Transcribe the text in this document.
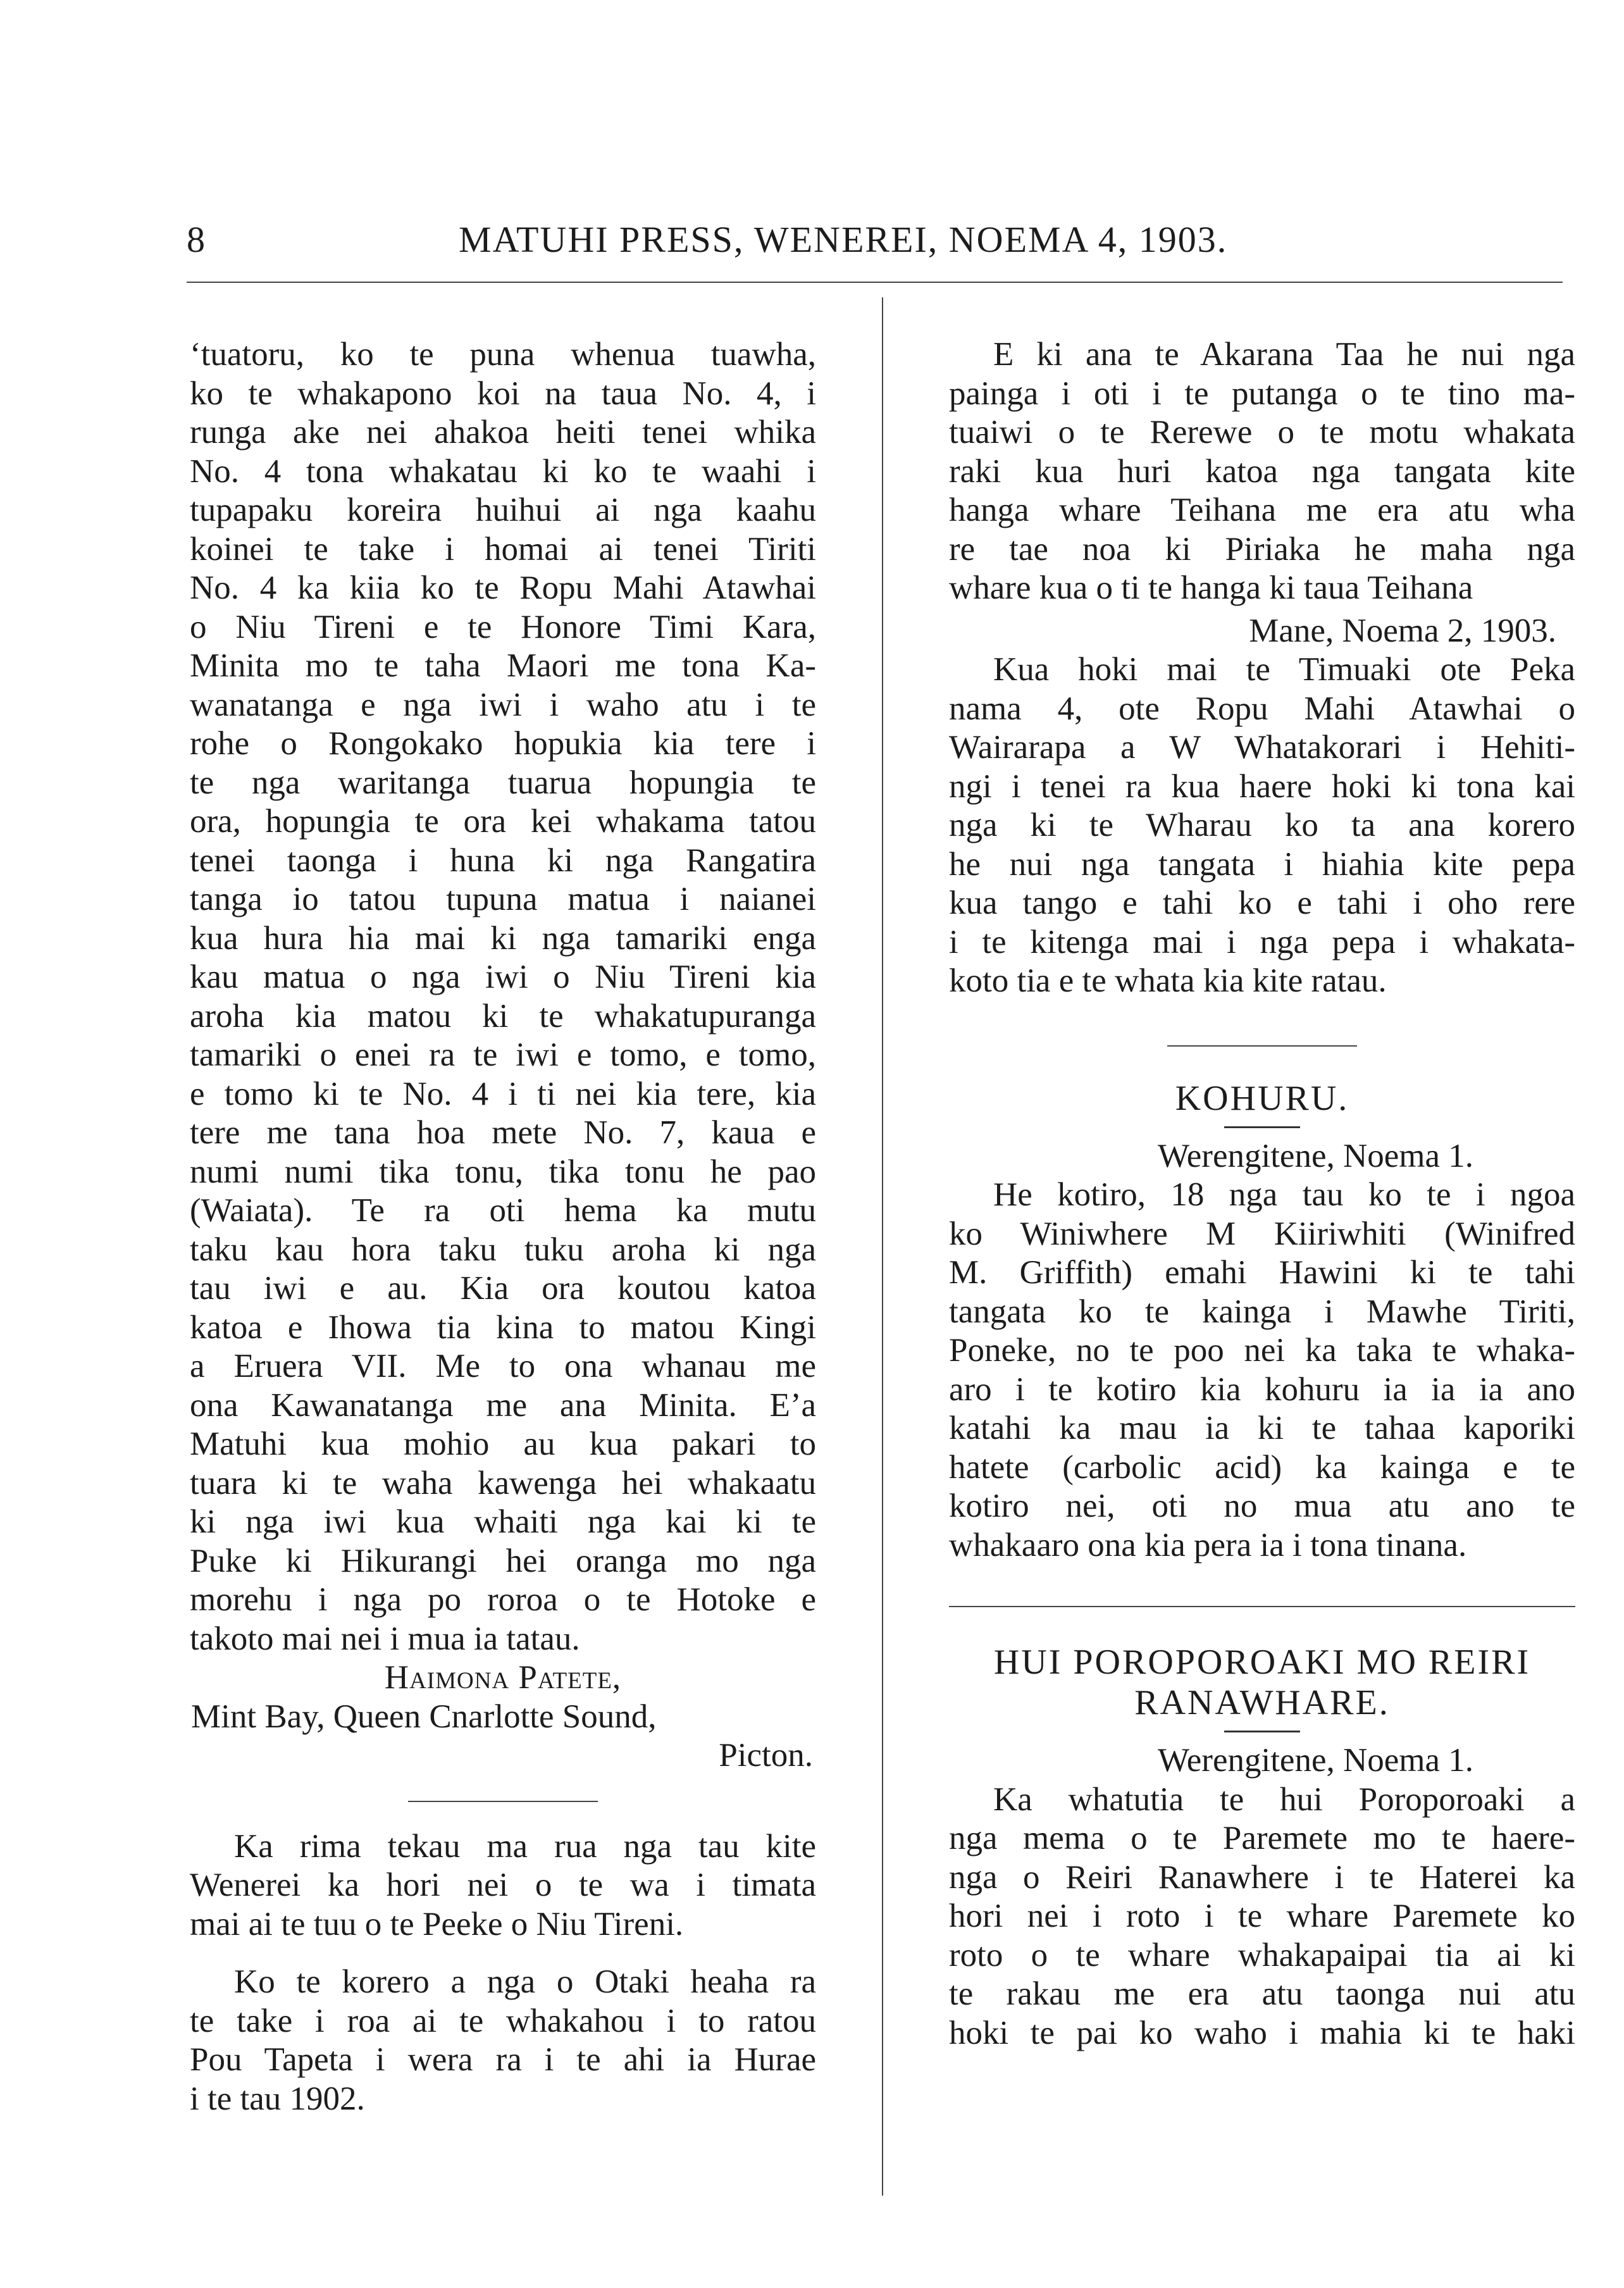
8	MATUHI PRESS, WENEREI, NOEMA 4, 1903.

‘tuatoru, ko te puna whenua tuawha,

ko te whakapono koi na taua No. 4, i

runga ake nei ahakoa heiti tenei whika

No. 4 tona whakatau ki ko te waahi i

tupapaku koreira huihui ai nga kaahu

koinei te take i homai ai tenei Tiriti

No. 4 ka kiia ko te Ropu Mahi Atawhai

o Niu Tireni e te Honore Timi Kara,

Minita mo te taha Maori me tona Ka-

wanatanga e nga iwi i waho atu i te

rohe o Rongokako hopukia kia tere i

te nga waritanga tuarua hopungia te

ora, hopungia te ora kei whakama tatou

tenei taonga i huna ki nga Rangatira

tanga io tatou tupuna matua i naianei

kua hura hia mai ki nga tamariki enga

kau matua o nga iwi o Niu Tireni kia

aroha kia matou ki te whakatupuranga

tamariki o enei ra te iwi e tomo, e tomo,

e tomo ki te No. 4 i ti nei kia tere, kia

tere me tana hoa mete No. 7, kaua e

numi numi tika tonu, tika tonu he pao

(Waiata). Te ra oti hema ka mutu

taku kau hora taku tuku aroha ki nga

tau iwi e au. Kia ora koutou katoa

katoa e Ihowa tia kina to matou Kingi

a Eruera VII. Me to ona whanau me

ona Kawanatanga me ana Minita. E’a

Matuhi kua mohio au kua pakari to

tuara ki te waha kawenga hei whakaatu

ki nga iwi kua whaiti nga kai ki te

Puke ki Hikurangi hei oranga mo nga

morehu i nga po roroa o te Hotoke e

takoto mai nei i mua ia tatau.

Haimona Patete,

Mint Bay, Queen Cnarlotte Sound,

Picton.

Ka rima tekau ma rua nga tau kite

Wenerei ka hori nei o te wa i timata

mai ai te tuu o te Peeke o Niu Tireni.

Ko te korero a nga o Otaki heaha ra

te take i roa ai te whakahou i to ratou

Pou Tapeta i wera ra i te ahi ia Hurae

i te tau 1902.

E ki ana te Akarana Taa he nui nga

painga i oti i te putanga o te tino ma-

tuaiwi o te Rerewe o te motu whakata

raki kua huri katoa nga tangata kite

hanga whare Teihana me era atu wha

re tae noa ki Piriaka he maha nga

whare kua o ti te hanga ki taua Teihana

Mane, Noema 2, 1903.

Kua hoki mai te Timuaki ote Peka

nama 4, ote Ropu Mahi Atawhai o

Wairarapa a W Whatakorari i Hehiti-

ngi i tenei ra kua haere hoki ki tona kai

nga ki te Wharau ko ta ana korero

he nui nga tangata i hiahia kite pepa

kua tango e tahi ko e tahi i oho rere

i te kitenga mai i nga pepa i whakata-

koto tia e te whata kia kite ratau.

KOHURU.

Werengitene, Noema 1.

He kotiro, 18 nga tau ko te i ngoa

ko Winiwhere M Kiiriwhiti (Winifred

M. Griffith) emahi Hawini ki te tahi

tangata ko te kainga i Mawhe Tiriti,

Poneke, no te poo nei ka taka te whaka-

aro i te kotiro kia kohuru ia ia ia ano

katahi ka mau ia ki te tahaa kaporiki

hatete (carbolic acid) ka kainga e te

kotiro nei, oti no mua atu ano te

whakaaro ona kia pera ia i tona tinana.

HUI POROPOROAKI MO REIRI

RANAWHARE.

Werengitene, Noema 1.

Ka whatutia te hui Poroporoaki a

nga mema o te Paremete mo te haere-

nga o Reiri Ranawhere i te Haterei ka

hori nei i roto i te whare Paremete ko

roto o te whare whakapaipai tia ai ki

te rakau me era atu taonga nui atu

hoki te pai ko waho i mahia ki te haki
